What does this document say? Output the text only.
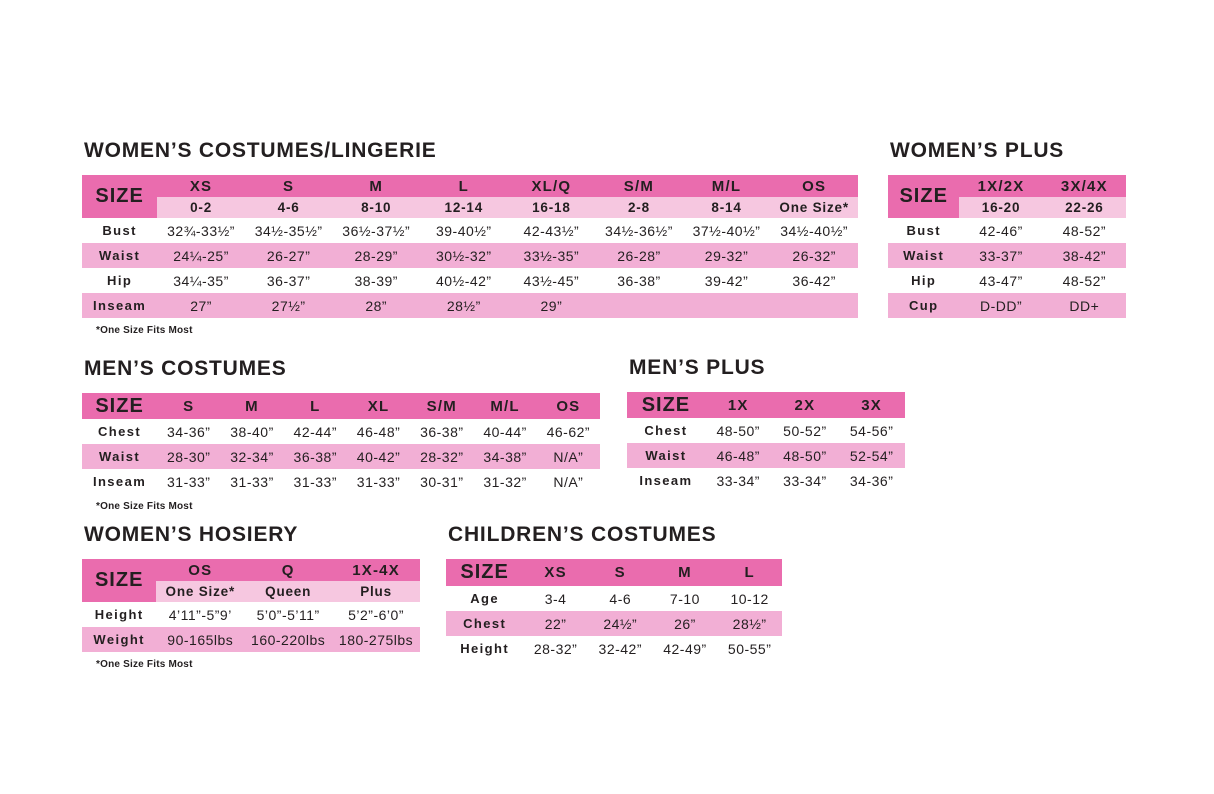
WOMEN’S COSTUMES/LINGERIE
SIZE	XS	S	M	L	XL/Q	S/M	M/L	OS
	0-2	4-6	8-10	12-14	16-18	2-8	8-14	One Size*
Bust	32¾-33½”	34½-35½”	36½-37½”	39-40½”	42-43½”	34½-36½”	37½-40½”	34½-40½”
Waist	24¼-25”	26-27”	28-29”	30½-32”	33½-35”	26-28”	29-32”	26-32”
Hip	34¼-35”	36-37”	38-39”	40½-42”	43½-45”	36-38”	39-42”	36-42”
Inseam	27”	27½”	28”	28½”	29”			
*One Size Fits Most
WOMEN’S PLUS
SIZE	1X/2X	3X/4X
	16-20	22-26
Bust	42-46”	48-52”
Waist	33-37”	38-42”
Hip	43-47”	48-52”
Cup	D-DD”	DD+
MEN’S COSTUMES
SIZE	S	M	L	XL	S/M	M/L	OS
Chest	34-36”	38-40”	42-44”	46-48”	36-38”	40-44”	46-62”
Waist	28-30”	32-34”	36-38”	40-42”	28-32”	34-38”	N/A”
Inseam	31-33”	31-33”	31-33”	31-33”	30-31”	31-32”	N/A”
*One Size Fits Most
MEN’S PLUS
SIZE	1X	2X	3X
Chest	48-50”	50-52”	54-56”
Waist	46-48”	48-50”	52-54”
Inseam	33-34”	33-34”	34-36”
WOMEN’S HOSIERY
SIZE	OS	Q	1X-4X
	One Size*	Queen	Plus
Height	4’11”-5”9’	5’0”-5’11”	5’2”-6’0”
Weight	90-165lbs	160-220lbs	180-275lbs
*One Size Fits Most
CHILDREN’S COSTUMES
SIZE	XS	S	M	L
Age	3-4	4-6	7-10	10-12
Chest	22”	24½”	26”	28½”
Height	28-32”	32-42”	42-49”	50-55”
